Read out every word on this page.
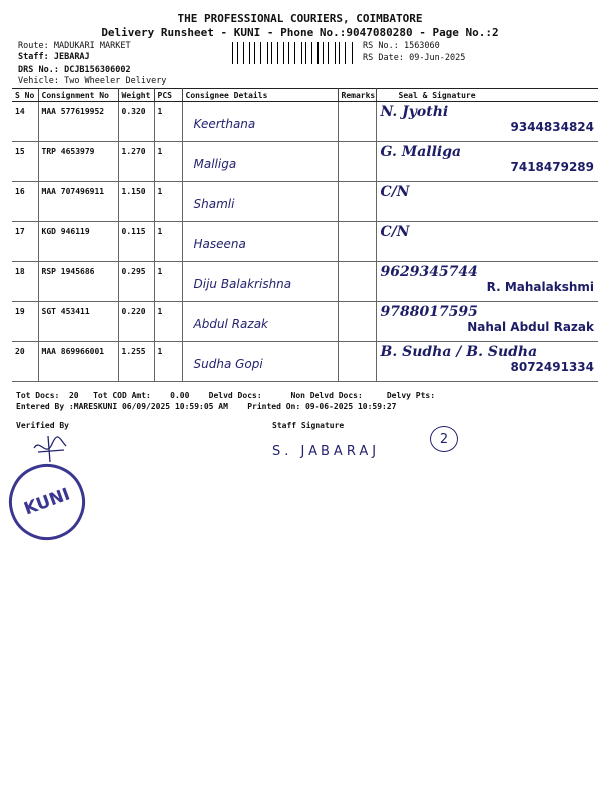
THE PROFESSIONAL COURIERS, COIMBATORE
Delivery Runsheet - KUNI - Phone No.:9047080280 - Page No.:2
Route: MADUKARI MARKET
Staff: JEBARAJ
DRS No.: DCJB156306002
Vehicle: Two Wheeler Delivery
RS No.: 1563060
RS Date: 09-Jun-2025
S No	Consignment No	Weight	PCS	Consignee Details	Remarks	Seal & Signature
14	MAA 577619952	0.320	1	Keerthana		N. Jyothi
9344834824

15	TRP 4653979	1.270	1	Malliga		G. Malliga
7418479289

16	MAA 707496911	1.150	1	Shamli		C/N

17	KGD 946119	0.115	1	Haseena		C/N

18	RSP 1945686	0.295	1	Diju Balakrishna		9629345744
R. Mahalakshmi

19	SGT 453411	0.220	1	Abdul Razak		9788017595
Nahal Abdul Razak

20	MAA 869966001	1.255	1	Sudha Gopi		B. Sudha / B. Sudha
8072491334
Tot Docs:  20   Tot COD Amt:    0.00    Delvd Docs:      Non Delvd Docs:     Delvy Pts:
Entered By :MARESKUNI 06/09/2025 10:59:05 AM    Printed On: 09-06-2025 10:59:27
Verified By	Staff Signature
KUNI
S. JABARAJ
2
